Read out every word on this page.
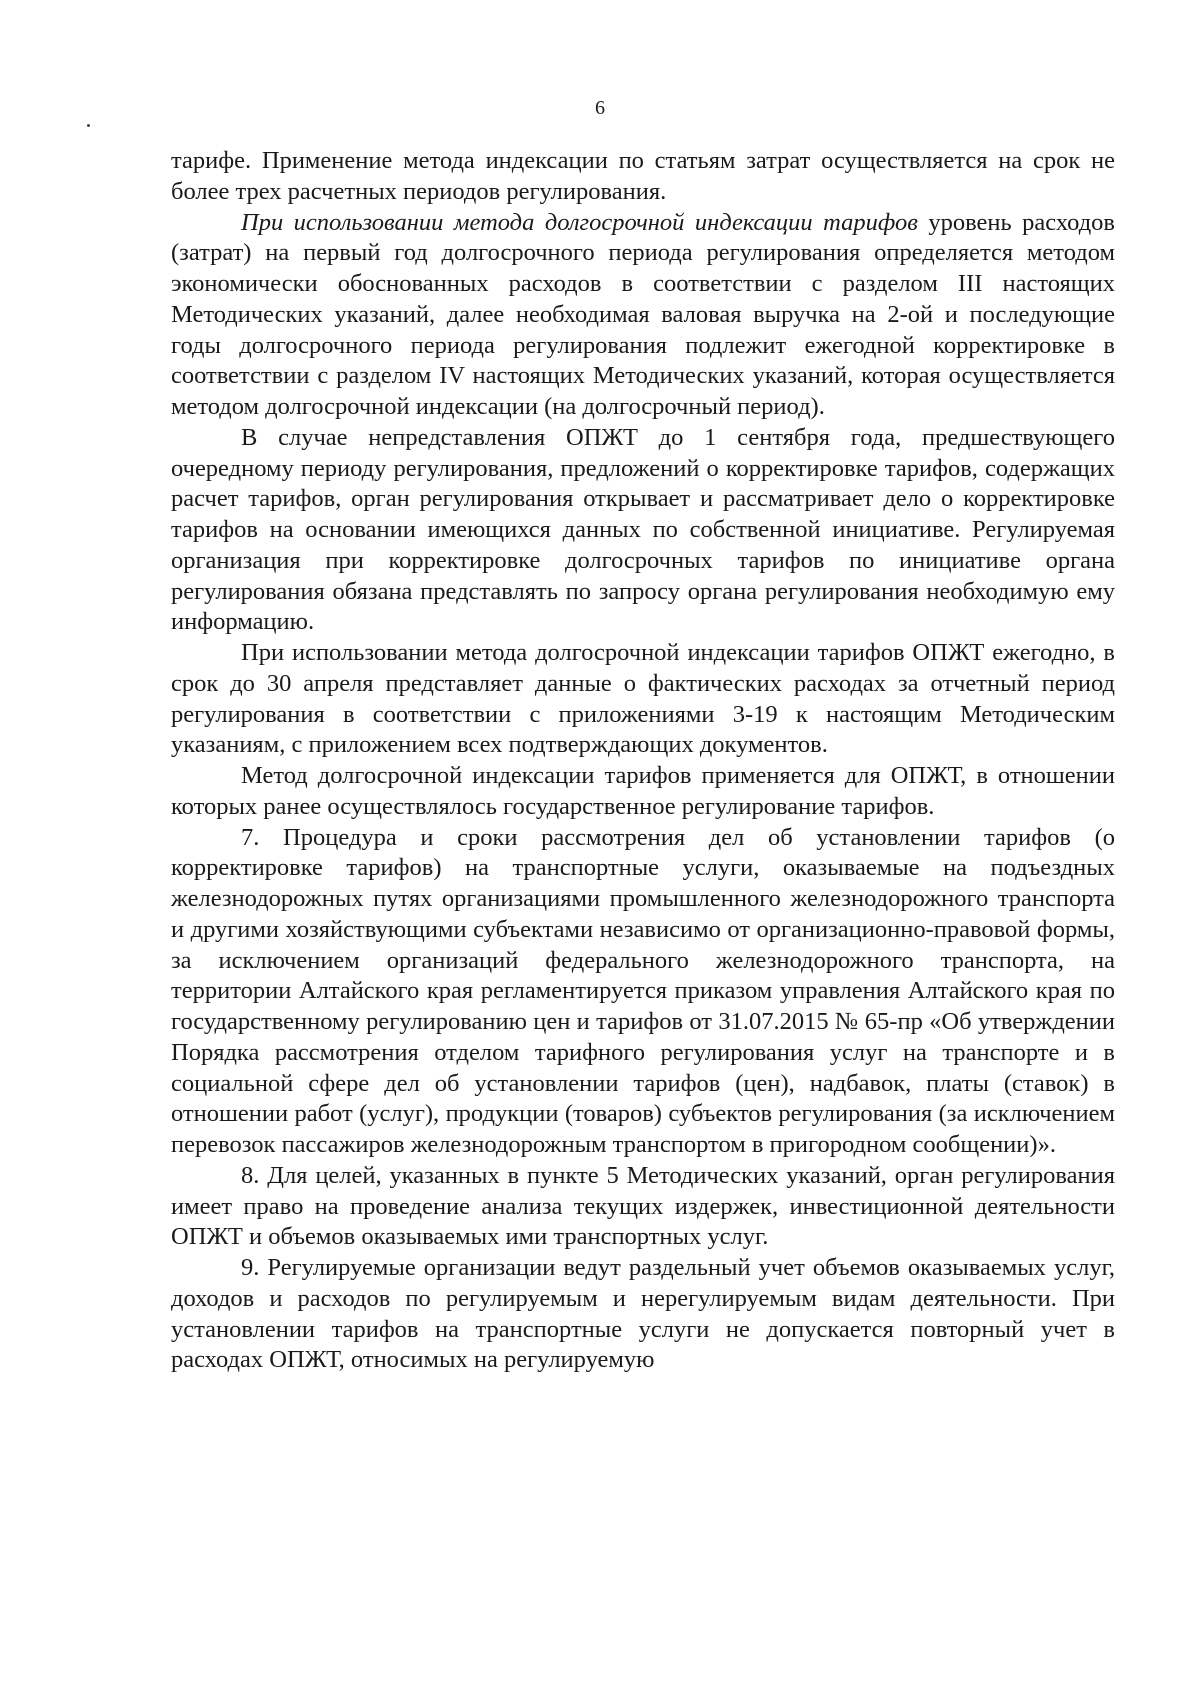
6

тарифе. Применение метода индексации по статьям затрат осуществляется на срок не более трех расчетных периодов регулирования.

При использовании метода долгосрочной индексации тарифов уровень расходов (затрат) на первый год долгосрочного периода регулирования определяется методом экономически обоснованных расходов в соответствии с разделом III настоящих Методических указаний, далее необходимая валовая выручка на 2-ой и последующие годы долгосрочного периода регулирования подлежит ежегодной корректировке в соответствии с разделом IV настоящих Методических указаний, которая осуществляется методом долгосрочной индексации (на долгосрочный период).

В случае непредставления ОПЖТ до 1 сентября года, предшествующего очередному периоду регулирования, предложений о корректировке тарифов, содержащих расчет тарифов, орган регулирования открывает и рассматривает дело о корректировке тарифов на основании имеющихся данных по собственной инициативе. Регулируемая организация при корректировке долгосрочных тарифов по инициативе органа регулирования обязана представлять по запросу органа регулирования необходимую ему информацию.

При использовании метода долгосрочной индексации тарифов ОПЖТ ежегодно, в срок до 30 апреля представляет данные о фактических расходах за отчетный период регулирования в соответствии с приложениями 3-19 к настоящим Методическим указаниям, с приложением всех подтверждающих документов.

Метод долгосрочной индексации тарифов применяется для ОПЖТ, в отношении которых ранее осуществлялось государственное регулирование тарифов.

7. Процедура и сроки рассмотрения дел об установлении тарифов (о корректировке тарифов) на транспортные услуги, оказываемые на подъездных железнодорожных путях организациями промышленного железнодорожного транспорта и другими хозяйствующими субъектами независимо от организационно-правовой формы, за исключением организаций федерального железнодорожного транспорта, на территории Алтайского края регламентируется приказом управления Алтайского края по государственному регулированию цен и тарифов от 31.07.2015 № 65-пр «Об утверждении Порядка рассмотрения отделом тарифного регулирования услуг на транспорте и в социальной сфере дел об установлении тарифов (цен), надбавок, платы (ставок) в отношении работ (услуг), продукции (товаров) субъектов регулирования (за исключением перевозок пассажиров железнодорожным транспортом в пригородном сообщении)».

8. Для целей, указанных в пункте 5 Методических указаний, орган регулирования имеет право на проведение анализа текущих издержек, инвестиционной деятельности ОПЖТ и объемов оказываемых ими транспортных услуг.

9. Регулируемые организации ведут раздельный учет объемов оказываемых услуг, доходов и расходов по регулируемым и нерегулируемым видам деятельности. При установлении тарифов на транспортные услуги не допускается повторный учет в расходах ОПЖТ, относимых на регулируемую
